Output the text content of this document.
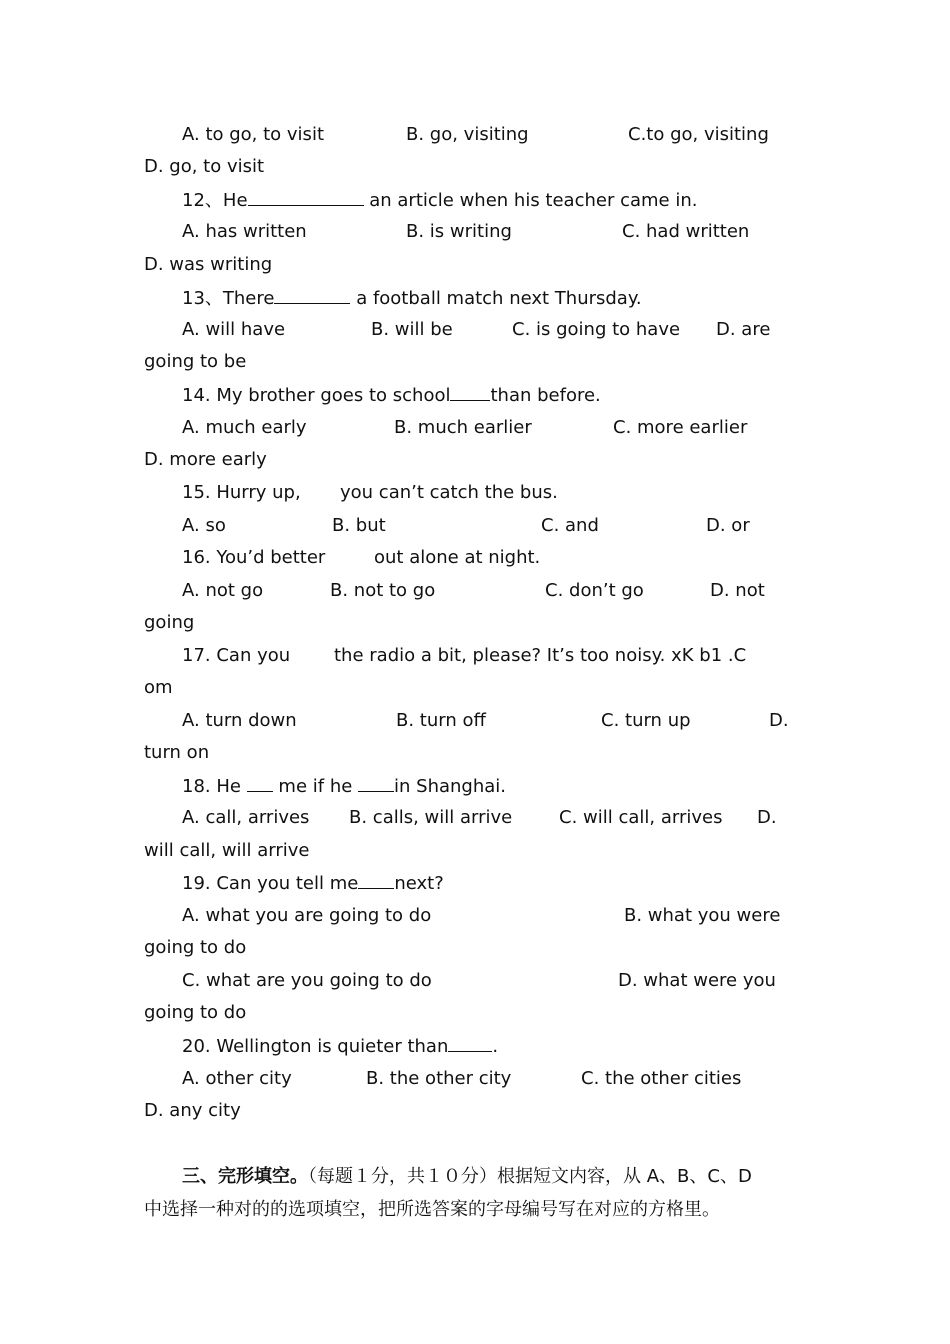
A. to go, to visit	B. go, visiting	C.to go, visiting
D. go, to visit
12、He	an article when his teacher came in.
A. has written	B. is writing	C. had written
D. was writing
13、There	a football match next Thursday.
A. will have	B. will be	C. is going to have D. are
going to be
14. My brother goes to school than before.
A. much early	B. much earlier	C. more earlier
D. more early
15. Hurry up, you can’t catch the bus.
A. so	B. but	C. and	D. or
16. You’d better	out alone at night.
A. not go	B. not to go	C. don’t go	D. not
going
17. Can you the radio a bit, please? It’s too noisy. xK b1 .C
om
A. turn down	B. turn off	C. turn up	D.
turn on
18. He  me if he in Shanghai.
A. call, arrives B. calls, will arrive	C. will call, arrives D.
will call, will arrive
19. Can you tell me next?
A. what you are going to do	B. what you were
going to do
C. what are you going to do	D. what were you
going to do
20. Wellington is quieter than .
A. other city	B. the other city	C. the other cities
D. any city
三、完形填空。（每题１分，共１０分）根据短文内容，从 A、B、C、D
中选择一种对的的选项填空，把所选答案的字母编号写在对应的方格里。
